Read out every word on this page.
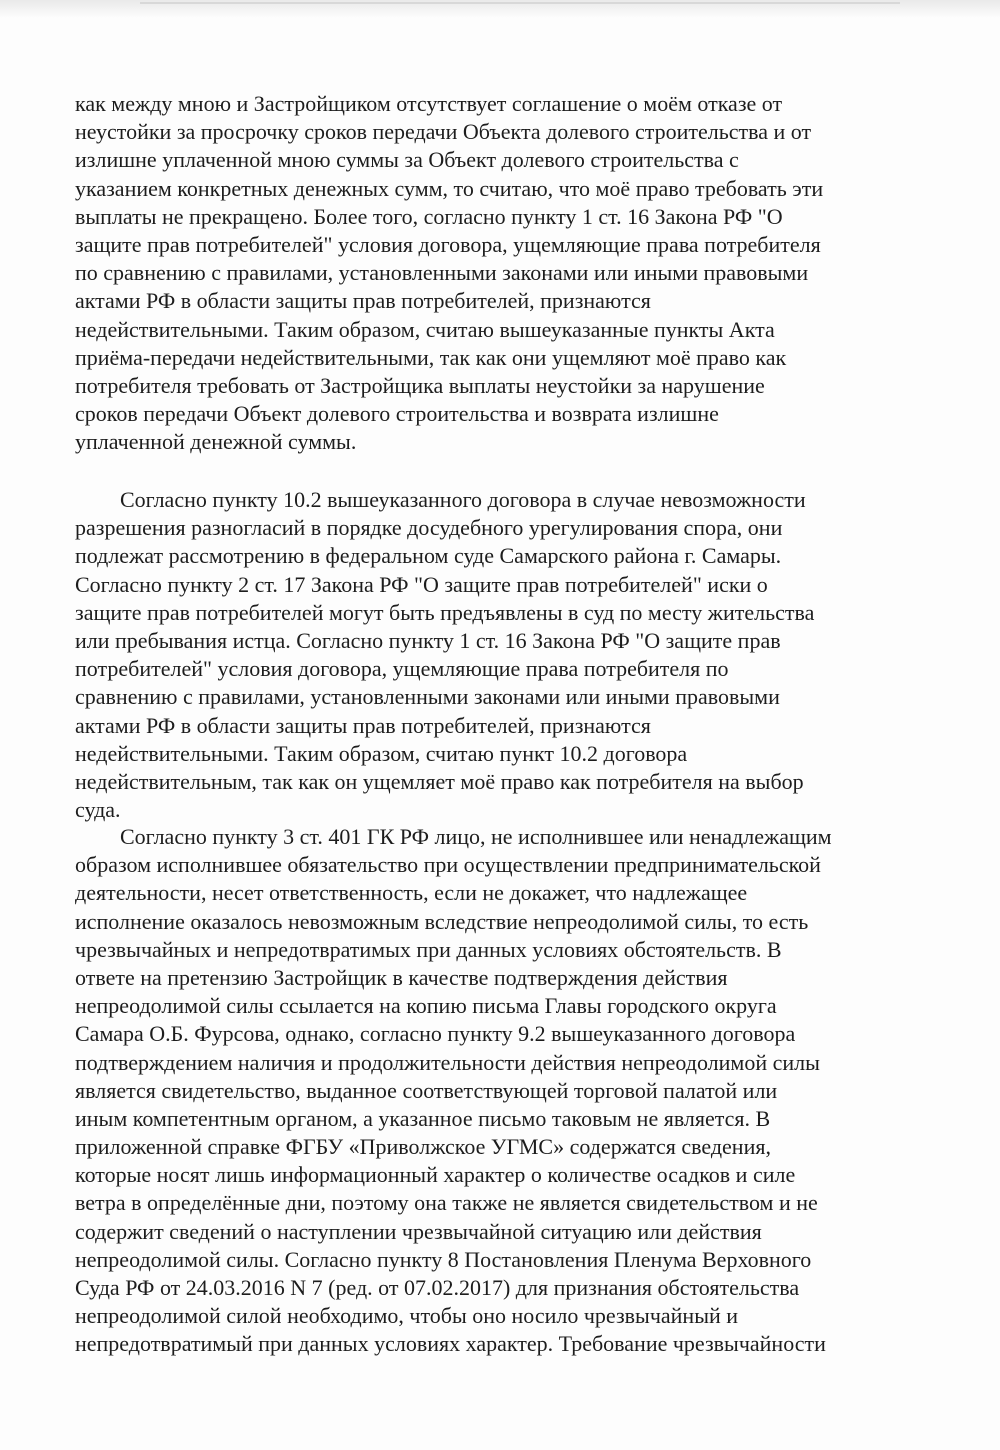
как между мною и Застройщиком отсутствует соглашение о моём отказе от
неустойки за просрочку сроков передачи Объекта долевого строительства и от
излишне уплаченной мною суммы за Объект долевого строительства с
указанием конкретных денежных сумм, то считаю, что моё право требовать эти
выплаты не прекращено. Более того, согласно пункту 1 ст. 16 Закона РФ "О
защите прав потребителей" условия договора, ущемляющие права потребителя
по сравнению с правилами, установленными законами или иными правовыми
актами РФ в области защиты прав потребителей, признаются
недействительными. Таким образом, считаю вышеуказанные пункты Акта
приёма-передачи недействительными, так как они ущемляют моё право как
потребителя требовать от Застройщика выплаты неустойки за нарушение
сроков передачи Объект долевого строительства и возврата излишне
уплаченной денежной суммы.
Согласно пункту 10.2 вышеуказанного договора в случае невозможности
разрешения разногласий в порядке досудебного урегулирования спора, они
подлежат рассмотрению в федеральном суде Самарского района г. Самары.
Согласно пункту 2 ст. 17 Закона РФ "О защите прав потребителей" иски о
защите прав потребителей могут быть предъявлены в суд по месту жительства
или пребывания истца. Согласно пункту 1 ст. 16 Закона РФ "О защите прав
потребителей" условия договора, ущемляющие права потребителя по
сравнению с правилами, установленными законами или иными правовыми
актами РФ в области защиты прав потребителей, признаются
недействительными. Таким образом, считаю пункт 10.2 договора
недействительным, так как он ущемляет моё право как потребителя на выбор
суда.
Согласно пункту 3 ст. 401 ГК РФ лицо, не исполнившее или ненадлежащим
образом исполнившее обязательство при осуществлении предпринимательской
деятельности, несет ответственность, если не докажет, что надлежащее
исполнение оказалось невозможным вследствие непреодолимой силы, то есть
чрезвычайных и непредотвратимых при данных условиях обстоятельств. В
ответе на претензию Застройщик в качестве подтверждения действия
непреодолимой силы ссылается на копию письма Главы городского округа
Самара О.Б. Фурсова, однако, согласно пункту 9.2 вышеуказанного договора
подтверждением наличия и продолжительности действия непреодолимой силы
является свидетельство, выданное соответствующей торговой палатой или
иным компетентным органом, а указанное письмо таковым не является. В
приложенной справке ФГБУ «Приволжское УГМС» содержатся сведения,
которые носят лишь информационный характер о количестве осадков и силе
ветра в определённые дни, поэтому она также не является свидетельством и не
содержит сведений о наступлении чрезвычайной ситуацию или действия
непреодолимой силы. Согласно пункту 8 Постановления Пленума Верховного
Суда РФ от 24.03.2016 N 7 (ред. от 07.02.2017) для признания обстоятельства
непреодолимой силой необходимо, чтобы оно носило чрезвычайный и
непредотвратимый при данных условиях характер. Требование чрезвычайности
